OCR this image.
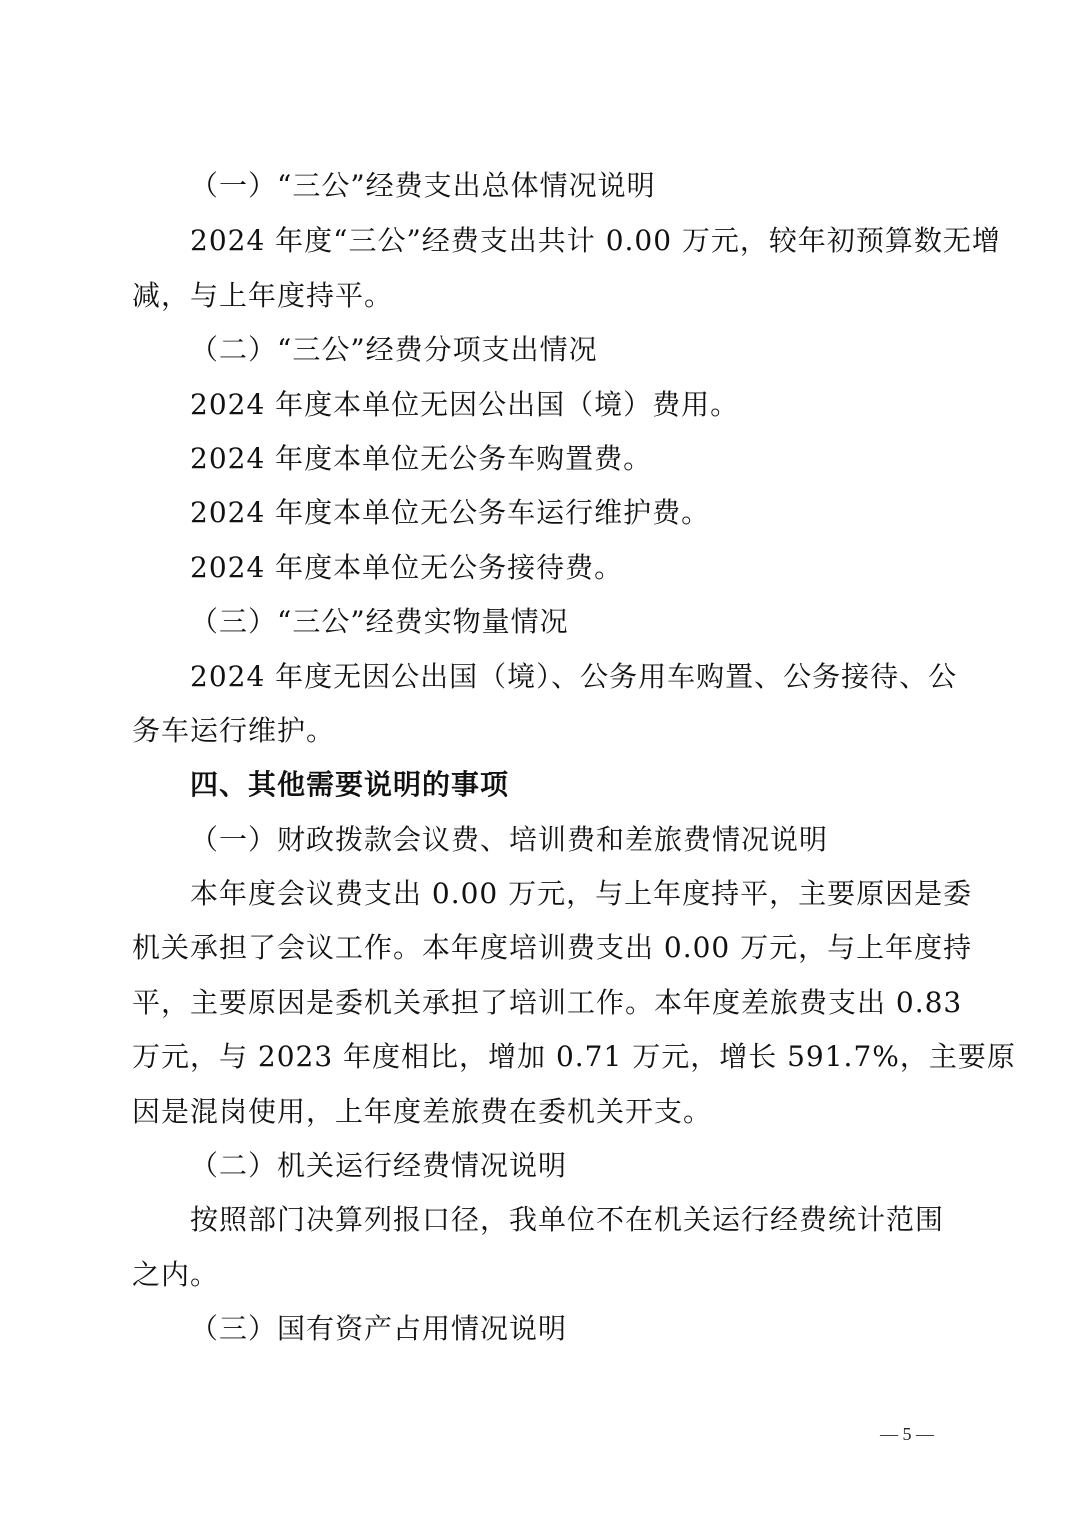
（一）“三公”经费支出总体情况说明

2024 年度“三公”经费支出共计 0.00 万元，较年初预算数无增

减，与上年度持平。

（二）“三公”经费分项支出情况

2024 年度本单位无因公出国（境）费用。

2024 年度本单位无公务车购置费。

2024 年度本单位无公务车运行维护费。

2024 年度本单位无公务接待费。

（三）“三公”经费实物量情况

2024 年度无因公出国（境）、公务用车购置、公务接待、公

务车运行维护。

四、其他需要说明的事项

（一）财政拨款会议费、培训费和差旅费情况说明

本年度会议费支出 0.00 万元，与上年度持平，主要原因是委

机关承担了会议工作。本年度培训费支出 0.00 万元，与上年度持

平，主要原因是委机关承担了培训工作。本年度差旅费支出 0.83

万元，与 2023 年度相比，增加 0.71 万元，增长 591.7%，主要原

因是混岗使用，上年度差旅费在委机关开支。

（二）机关运行经费情况说明

按照部门决算列报口径，我单位不在机关运行经费统计范围

之内。

（三）国有资产占用情况说明

— 5 —
